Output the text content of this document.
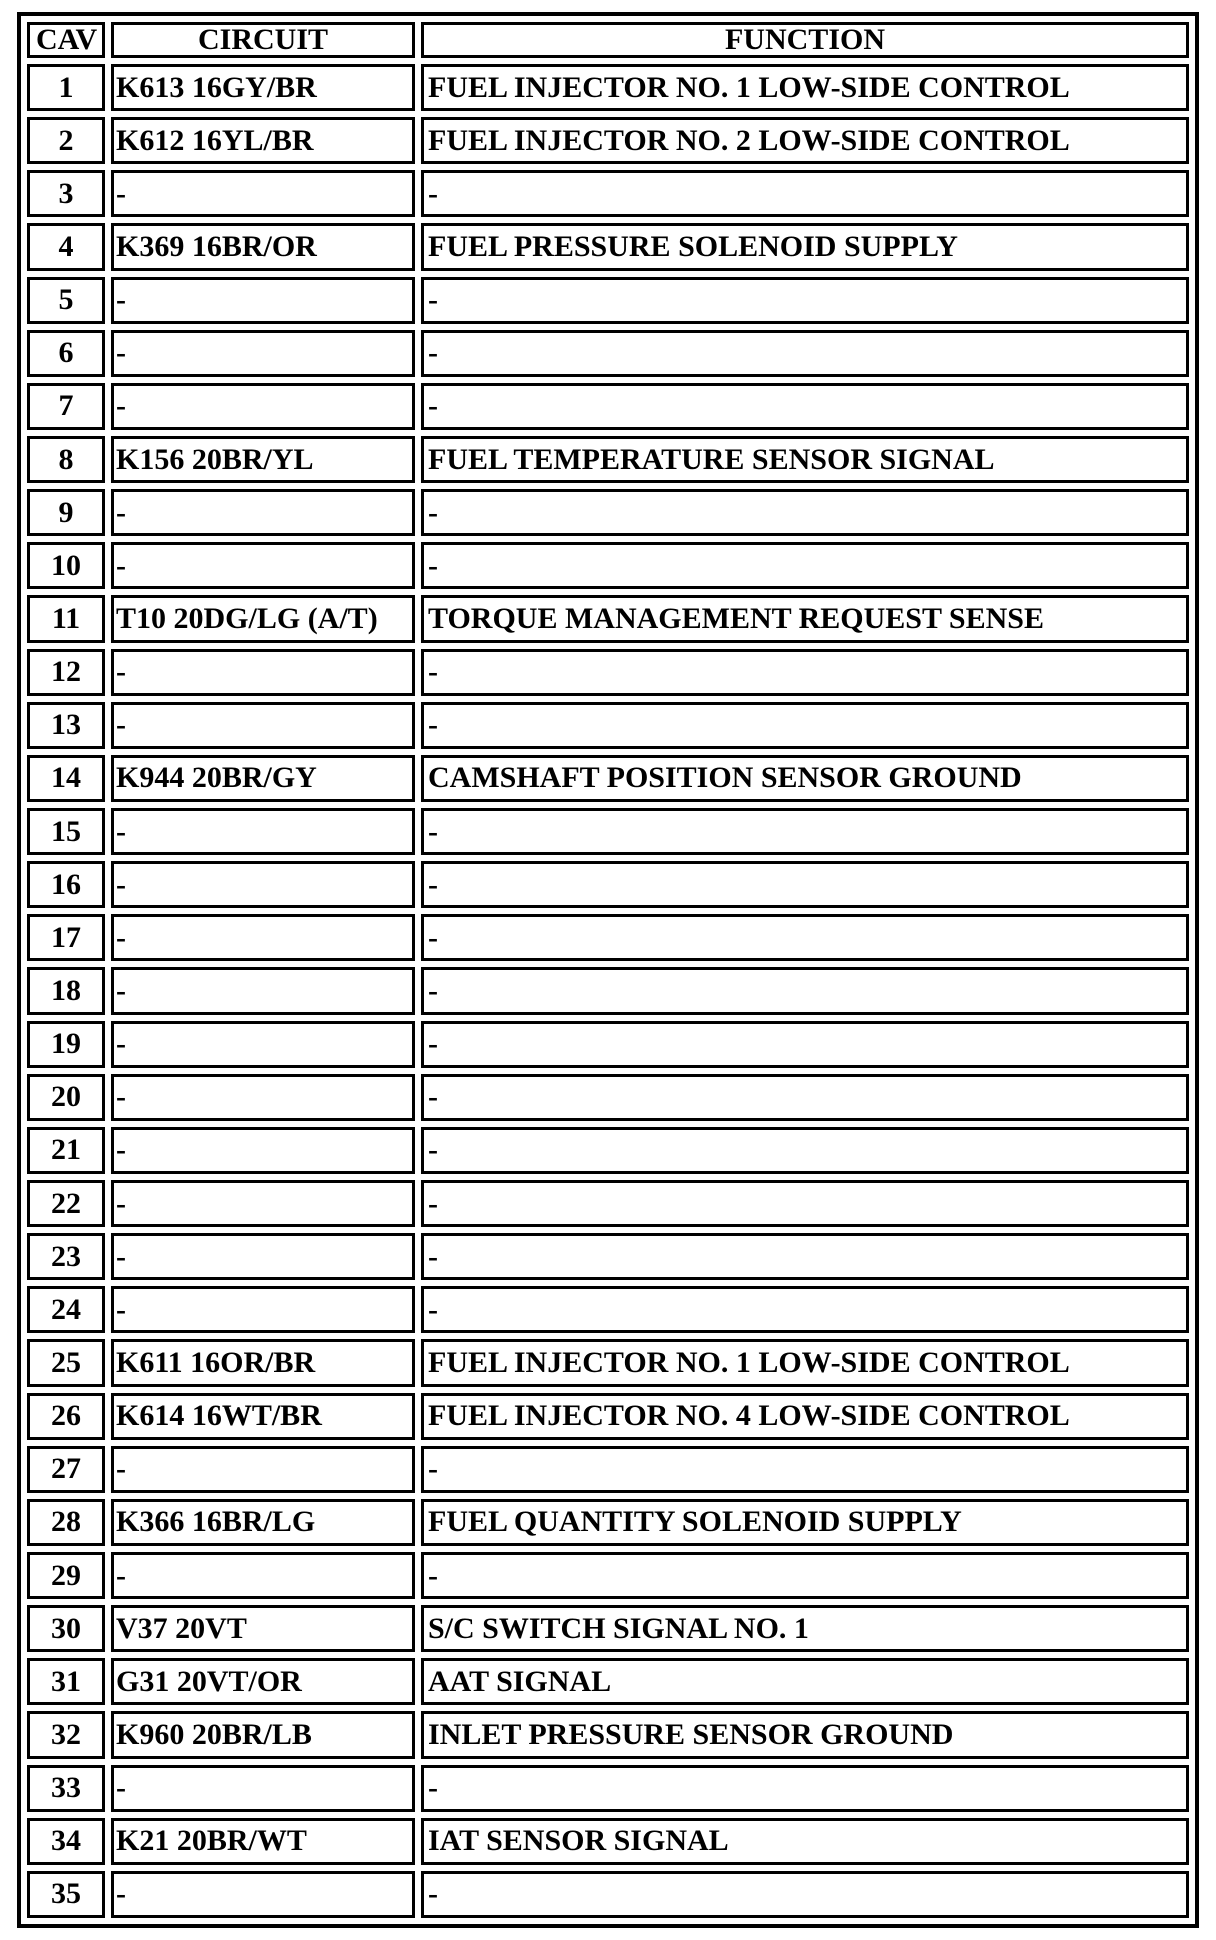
CAV	CIRCUIT	FUNCTION
1	K613 16GY/BR	FUEL INJECTOR NO. 1 LOW-SIDE CONTROL
2	K612 16YL/BR	FUEL INJECTOR NO. 2 LOW-SIDE CONTROL
3	-	-
4	K369 16BR/OR	FUEL PRESSURE SOLENOID SUPPLY
5	-	-
6	-	-
7	-	-
8	K156 20BR/YL	FUEL TEMPERATURE SENSOR SIGNAL
9	-	-
10	-	-
11	T10 20DG/LG (A/T)	TORQUE MANAGEMENT REQUEST SENSE
12	-	-
13	-	-
14	K944 20BR/GY	CAMSHAFT POSITION SENSOR GROUND
15	-	-
16	-	-
17	-	-
18	-	-
19	-	-
20	-	-
21	-	-
22	-	-
23	-	-
24	-	-
25	K611 16OR/BR	FUEL INJECTOR NO. 1 LOW-SIDE CONTROL
26	K614 16WT/BR	FUEL INJECTOR NO. 4 LOW-SIDE CONTROL
27	-	-
28	K366 16BR/LG	FUEL QUANTITY SOLENOID SUPPLY
29	-	-
30	V37 20VT	S/C SWITCH SIGNAL NO. 1
31	G31 20VT/OR	AAT SIGNAL
32	K960 20BR/LB	INLET PRESSURE SENSOR GROUND
33	-	-
34	K21 20BR/WT	IAT SENSOR SIGNAL
35	-	-
